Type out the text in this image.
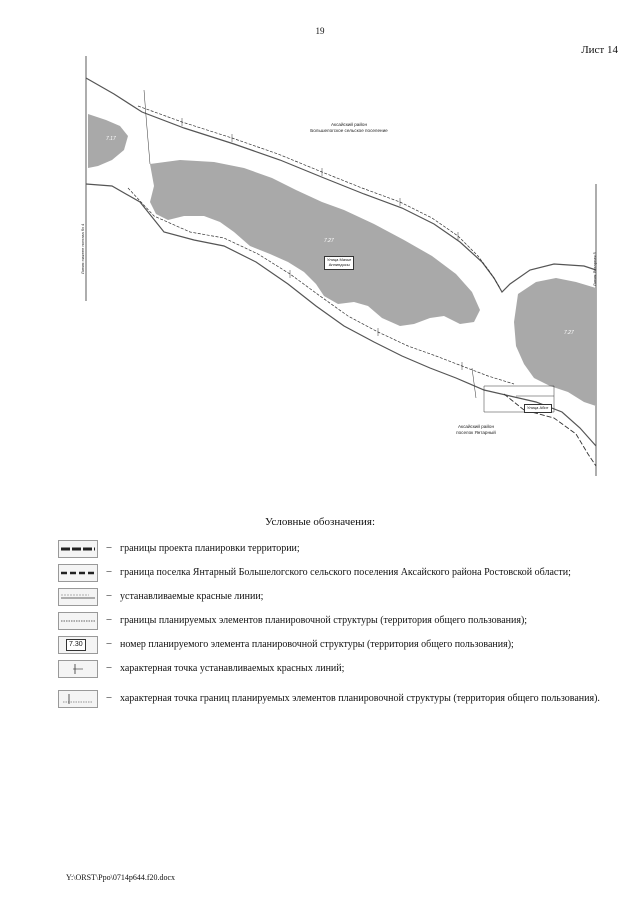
19
Лист 14
Аксайский район
Большелогское сельское поселение
Аксайский район
поселок Янтарный
Улица Мачье
Анниндосы
Улица Абит
Линия нижнее полгаза бз 4	Линия Янтарная 5
7.17
7.27
7.27
Условные обозначения:
– границы проекта планировки территории;
– граница поселка Янтарный Большелогского сельского поселения Аксайского района Ростовской области;
– устанавливаемые красные линии;
– границы планируемых элементов планировочной структуры (территория общего пользования);
7.30	– номер планируемого элемента планировочной структуры (территория общего пользования);
– характерная точка устанавливаемых красных линий;
– характерная точка границ планируемых элементов планировочной структуры (территория общего пользования).
Y:\ORST\Ppo\0714p644.f20.docx
